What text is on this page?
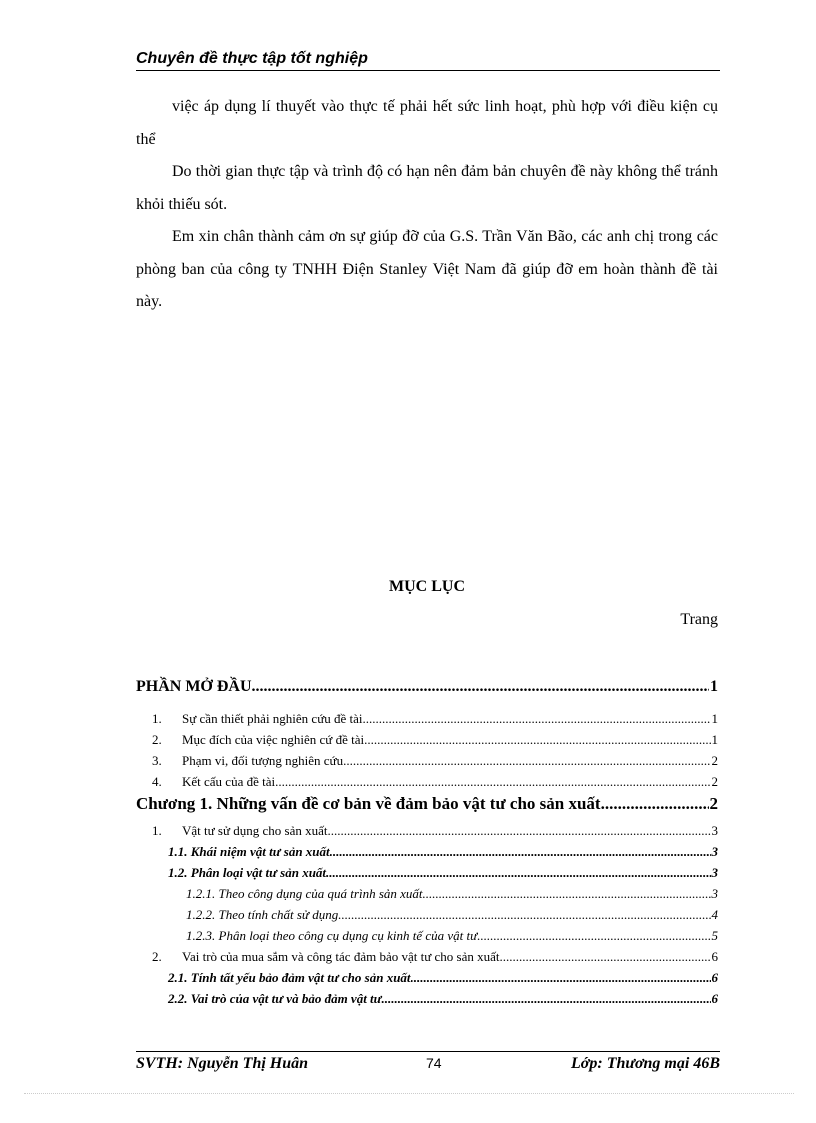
Chuyên đề thực tập tốt nghiệp

việc áp dụng lí thuyết vào thực tế phải hết sức linh hoạt, phù hợp với điều kiện cụ thể

Do thời gian thực tập và trình độ có hạn nên đảm bản chuyên đề này không thể tránh khỏi thiếu sót.

Em xin chân thành cảm ơn sự giúp đỡ của G.S. Trần Văn Bão, các anh chị trong các phòng ban của công ty TNHH Điện Stanley Việt Nam đã giúp đỡ em hoàn thành đề tài này.

MỤC LỤC
Trang
PHẦN MỞ ĐẦU .....	1
1.	Sự cần thiết phải nghiên cứu đề tài .....	1
2.	Mục đích của việc nghiên cứ đề tài .....	1
3.	Phạm vi, đối tượng nghiên cứu .....	2
4.	Kết cấu của đề tài. .....	2
Chương 1. Những vấn đề cơ bản về đảm bảo vật tư cho sản xuất .....	2
1.	Vật tư sử dụng cho sản xuất .....	3
1.1. Khái niệm vật tư sản xuất .....	3
1.2. Phân loại vật tư sản xuất .....	3
1.2.1. Theo công dụng của quá trình sản xuất .....	3
1.2.2. Theo tính chất sử dụng. .....	4
1.2.3. Phân loại theo công cụ dụng cụ kinh tế của vật tư .....	5
2.	Vai trò của mua sắm và công tác đảm bảo vật tư cho sản xuất .....	6
2.1. Tính tất yếu bảo đảm vật tư cho sản xuất .....	6
2.2. Vai trò của vật tư và bảo đảm vật tư .....	6
SVTH: Nguyễn Thị Huân	74	Lớp: Thương mại 46B
